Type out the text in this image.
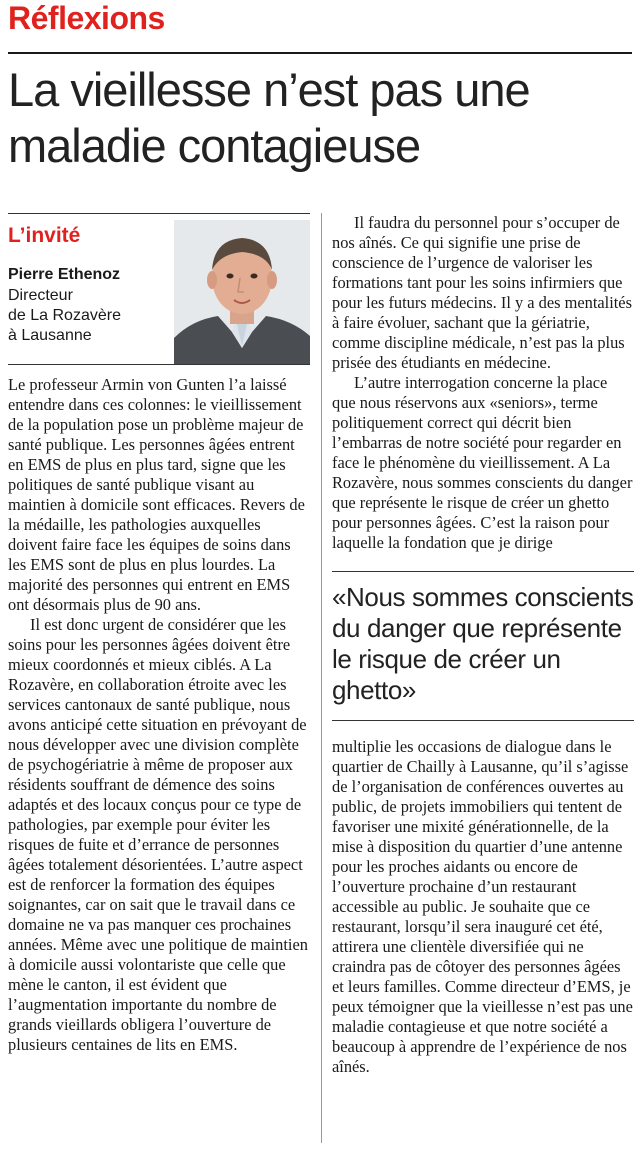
Réflexions
La vieillesse n’est pas une maladie contagieuse
L’invité
Pierre Ethenoz
Directeur
de La Rozavère
à Lausanne

Le professeur Armin von Gunten l’a laissé entendre dans ces colonnes: le vieillissement de la population pose un problème majeur de santé publique. Les personnes âgées entrent en EMS de plus en plus tard, signe que les politiques de santé publique visant au maintien à domicile sont efficaces. Revers de la médaille, les pathologies auxquelles doivent faire face les équipes de soins dans les EMS sont de plus en plus lourdes. La majorité des personnes qui entrent en EMS ont désormais plus de 90 ans.

Il est donc urgent de considérer que les soins pour les personnes âgées doivent être mieux coordonnés et mieux ciblés. A La Rozavère, en collaboration étroite avec les services cantonaux de santé publique, nous avons anticipé cette situation en prévoyant de nous développer avec une division complète de psychogériatrie à même de proposer aux résidents souffrant de démence des soins adaptés et des locaux conçus pour ce type de pathologies, par exemple pour éviter les risques de fuite et d’errance de personnes âgées totalement désorientées. L’autre aspect est de renforcer la formation des équipes soignantes, car on sait que le travail dans ce domaine ne va pas manquer ces prochaines années. Même avec une politique de maintien à domicile aussi volontariste que celle que mène le canton, il est évident que l’augmentation importante du nombre de grands vieillards obligera l’ouverture de plusieurs centaines de lits en EMS.

Il faudra du personnel pour s’occuper de nos aînés. Ce qui signifie une prise de conscience de l’urgence de valoriser les formations tant pour les soins infirmiers que pour les futurs médecins. Il y a des mentalités à faire évoluer, sachant que la gériatrie, comme discipline médicale, n’est pas la plus prisée des étudiants en médecine.

L’autre interrogation concerne la place que nous réservons aux «seniors», terme politiquement correct qui décrit bien l’embarras de notre société pour regarder en face le phénomène du vieillissement. A La Rozavère, nous sommes conscients du danger que représente le risque de créer un ghetto pour personnes âgées. C’est la raison pour laquelle la fondation que je dirige

«Nous sommes conscients du danger que représente le risque de créer un ghetto»

multiplie les occasions de dialogue dans le quartier de Chailly à Lausanne, qu’il s’agisse de l’organisation de conférences ouvertes au public, de projets immobiliers qui tentent de favoriser une mixité générationnelle, de la mise à disposition du quartier d’une antenne pour les proches aidants ou encore de l’ouverture prochaine d’un restaurant accessible au public. Je souhaite que ce restaurant, lorsqu’il sera inauguré cet été, attirera une clientèle diversifiée qui ne craindra pas de côtoyer des personnes âgées et leurs familles. Comme directeur d’EMS, je peux témoigner que la vieillesse n’est pas une maladie contagieuse et que notre société a beaucoup à apprendre de l’expérience de nos aînés.
